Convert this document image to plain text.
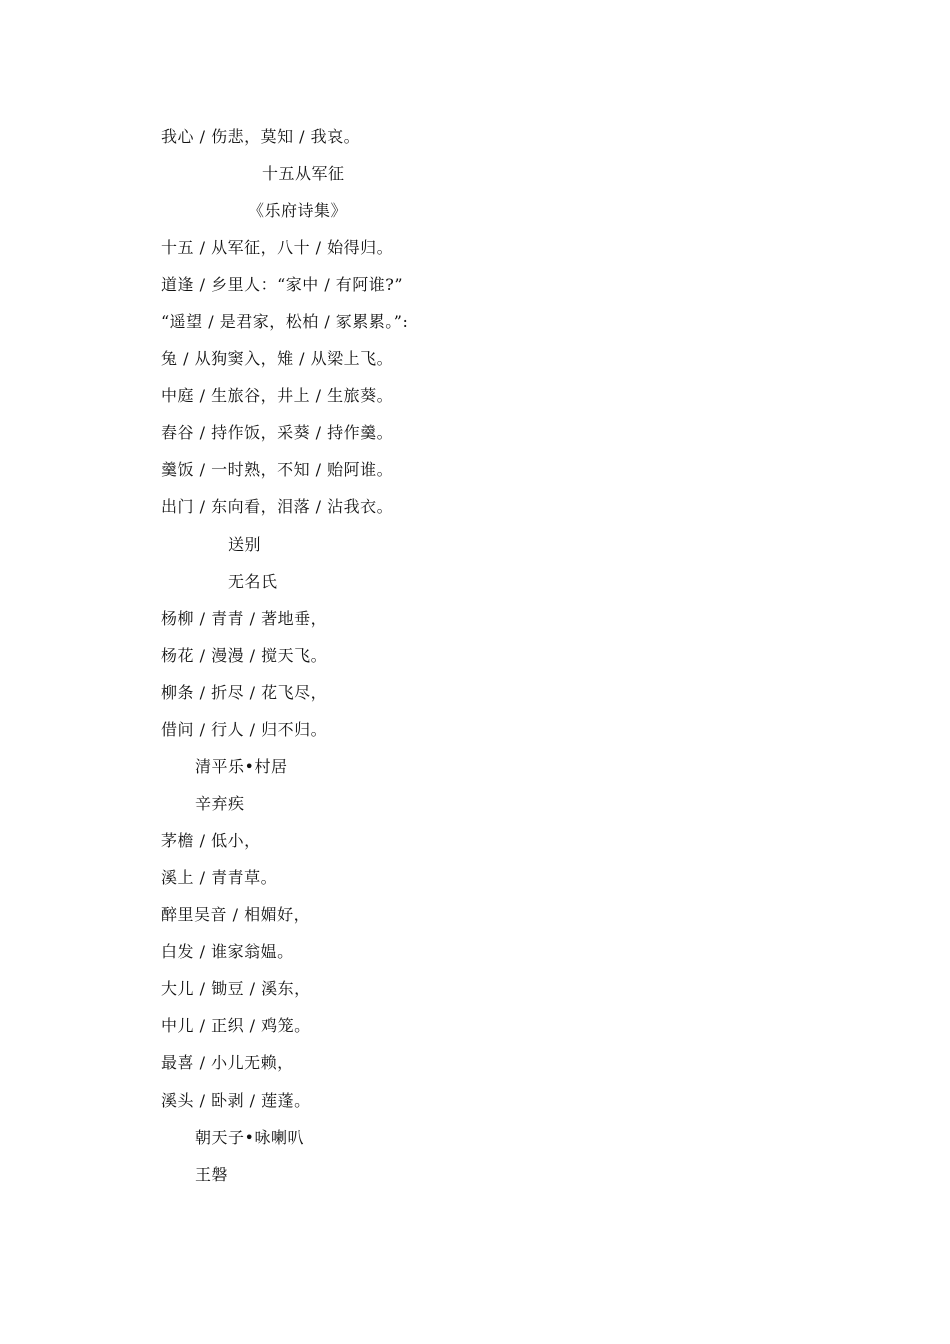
我心 / 伤悲，莫知 / 我哀。
十五从军征
《乐府诗集》
十五 / 从军征，八十 / 始得归。
道逢 / 乡里人：“家中 / 有阿谁?”
“遥望 / 是君家，松柏 / 冢累累。”:
兔 / 从狗窦入，雉 / 从梁上飞。
中庭 / 生旅谷，井上 / 生旅葵。
舂谷 / 持作饭，采葵 / 持作羹。
羹饭 / 一时熟，不知 / 贻阿谁。
出门 / 东向看，泪落 / 沾我衣。
送别
无名氏
杨柳 / 青青 / 著地垂，
杨花 / 漫漫 / 搅天飞。
柳条 / 折尽 / 花飞尽，
借问 / 行人 / 归不归。
清平乐•村居
辛弃疾
茅檐 / 低小，
溪上 / 青青草。
醉里吴音 / 相媚好，
白发 / 谁家翁媪。
大儿 / 锄豆 / 溪东，
中儿 / 正织 / 鸡笼。
最喜 / 小儿无赖，
溪头 / 卧剥 / 莲蓬。
朝天子•咏喇叭
王磐
